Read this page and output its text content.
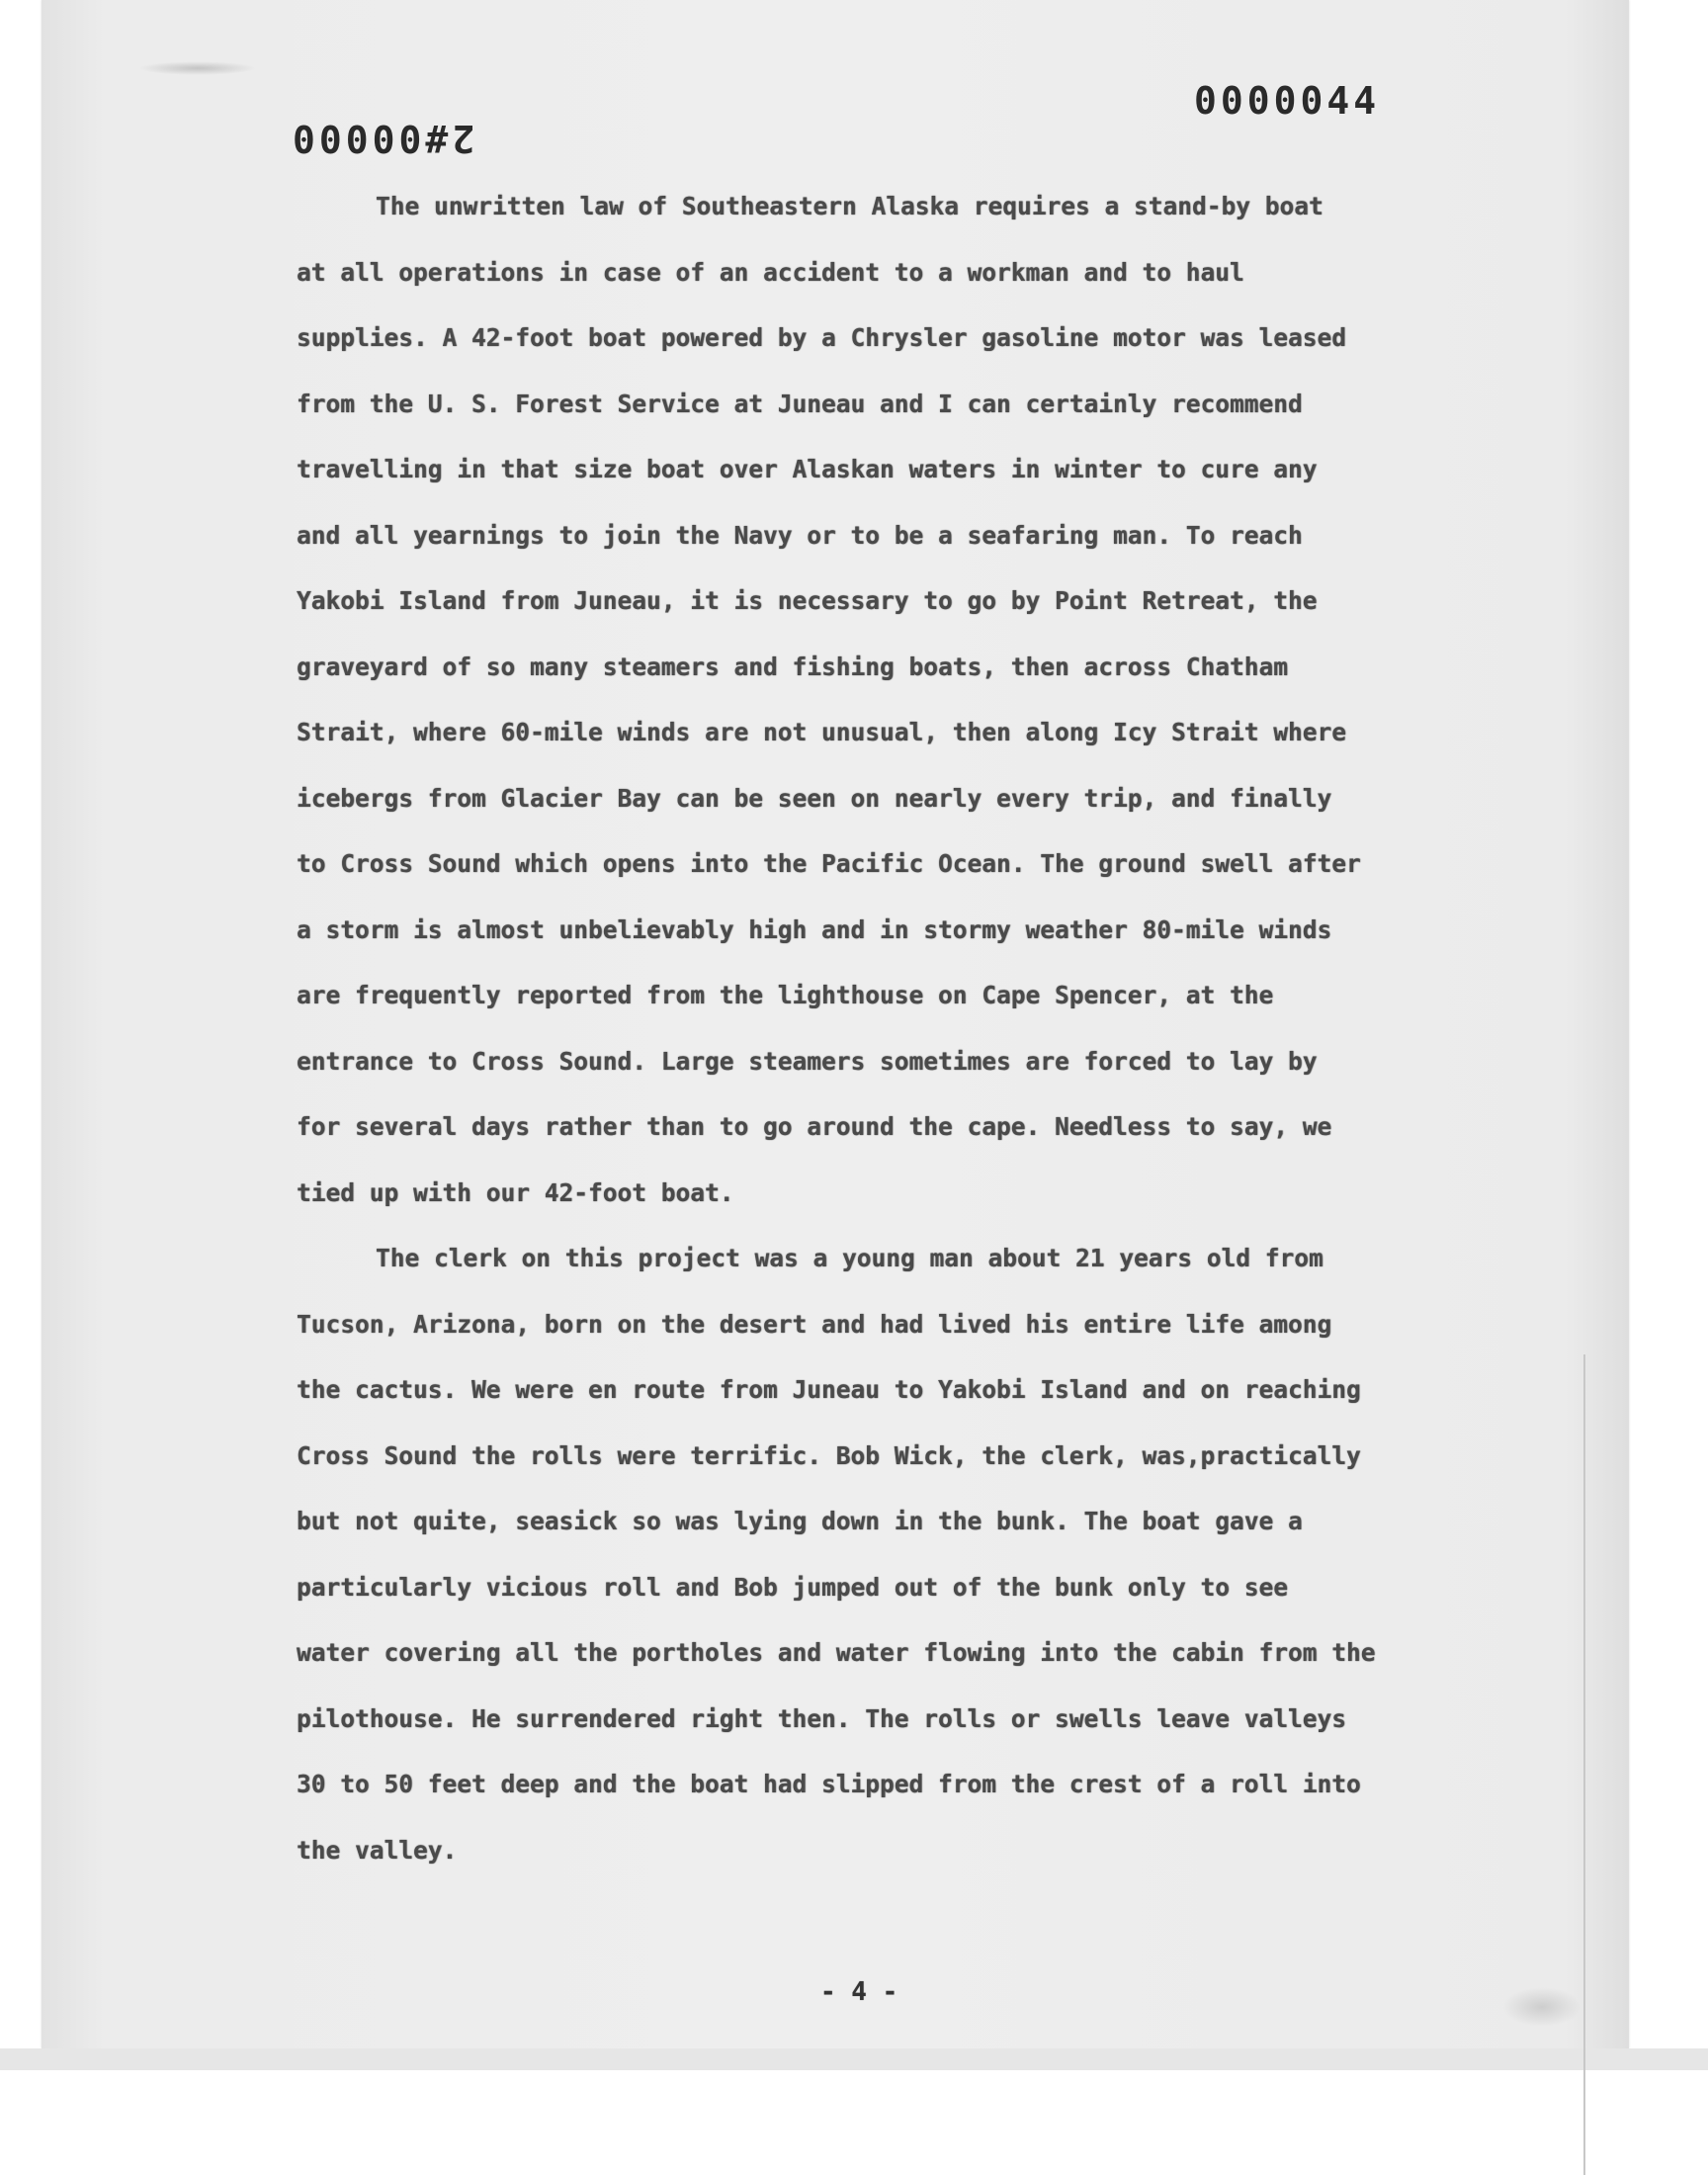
0000044
2#00000
The unwritten law of Southeastern Alaska requires a stand-by boat
at all operations in case of an accident to a workman and to haul
supplies. A 42-foot boat powered by a Chrysler gasoline motor was leased
from the U. S. Forest Service at Juneau and I can certainly recommend
travelling in that size boat over Alaskan waters in winter to cure any
and all yearnings to join the Navy or to be a seafaring man. To reach
Yakobi Island from Juneau, it is necessary to go by Point Retreat, the
graveyard of so many steamers and fishing boats, then across Chatham
Strait, where 60-mile winds are not unusual, then along Icy Strait where
icebergs from Glacier Bay can be seen on nearly every trip, and finally
to Cross Sound which opens into the Pacific Ocean. The ground swell after
a storm is almost unbelievably high and in stormy weather 80-mile winds
are frequently reported from the lighthouse on Cape Spencer, at the
entrance to Cross Sound. Large steamers sometimes are forced to lay by
for several days rather than to go around the cape. Needless to say, we
tied up with our 42-foot boat.
The clerk on this project was a young man about 21 years old from
Tucson, Arizona, born on the desert and had lived his entire life among
the cactus. We were en route from Juneau to Yakobi Island and on reaching
Cross Sound the rolls were terrific. Bob Wick, the clerk, was,practically
but not quite, seasick so was lying down in the bunk. The boat gave a
particularly vicious roll and Bob jumped out of the bunk only to see
water covering all the portholes and water flowing into the cabin from the
pilothouse. He surrendered right then. The rolls or swells leave valleys
30 to 50 feet deep and the boat had slipped from the crest of a roll into
the valley.
- 4 -
